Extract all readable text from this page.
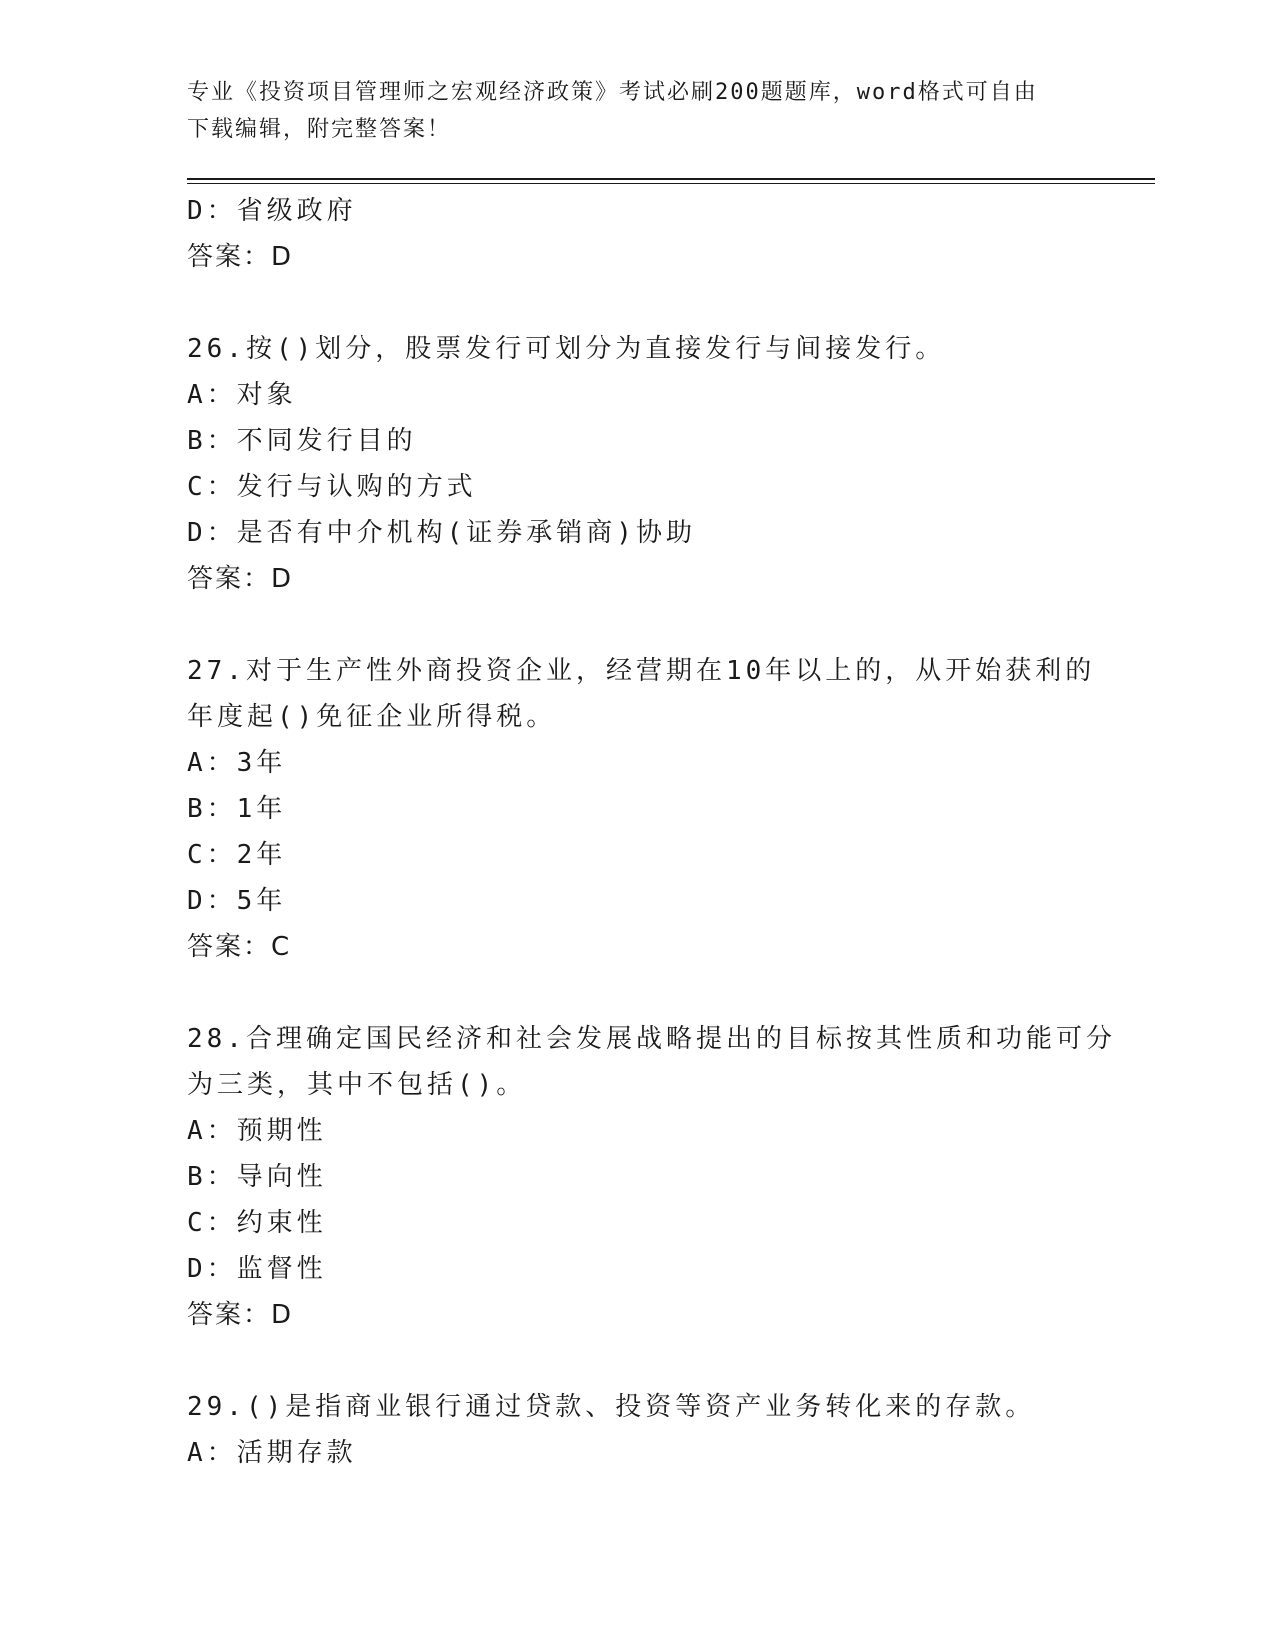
专业《投资项目管理师之宏观经济政策》考试必刷200题题库，word格式可自由
下载编辑，附完整答案！
D：省级政府
答案：D
26.按()划分，股票发行可划分为直接发行与间接发行。
A：对象
B：不同发行目的
C：发行与认购的方式
D：是否有中介机构(证券承销商)协助
答案：D
27.对于生产性外商投资企业，经营期在10年以上的，从开始获利的
年度起()免征企业所得税。
A：3年
B：1年
C：2年
D：5年
答案：C
28.合理确定国民经济和社会发展战略提出的目标按其性质和功能可分
为三类，其中不包括()。
A：预期性
B：导向性
C：约束性
D：监督性
答案：D
29.()是指商业银行通过贷款、投资等资产业务转化来的存款。
A：活期存款
